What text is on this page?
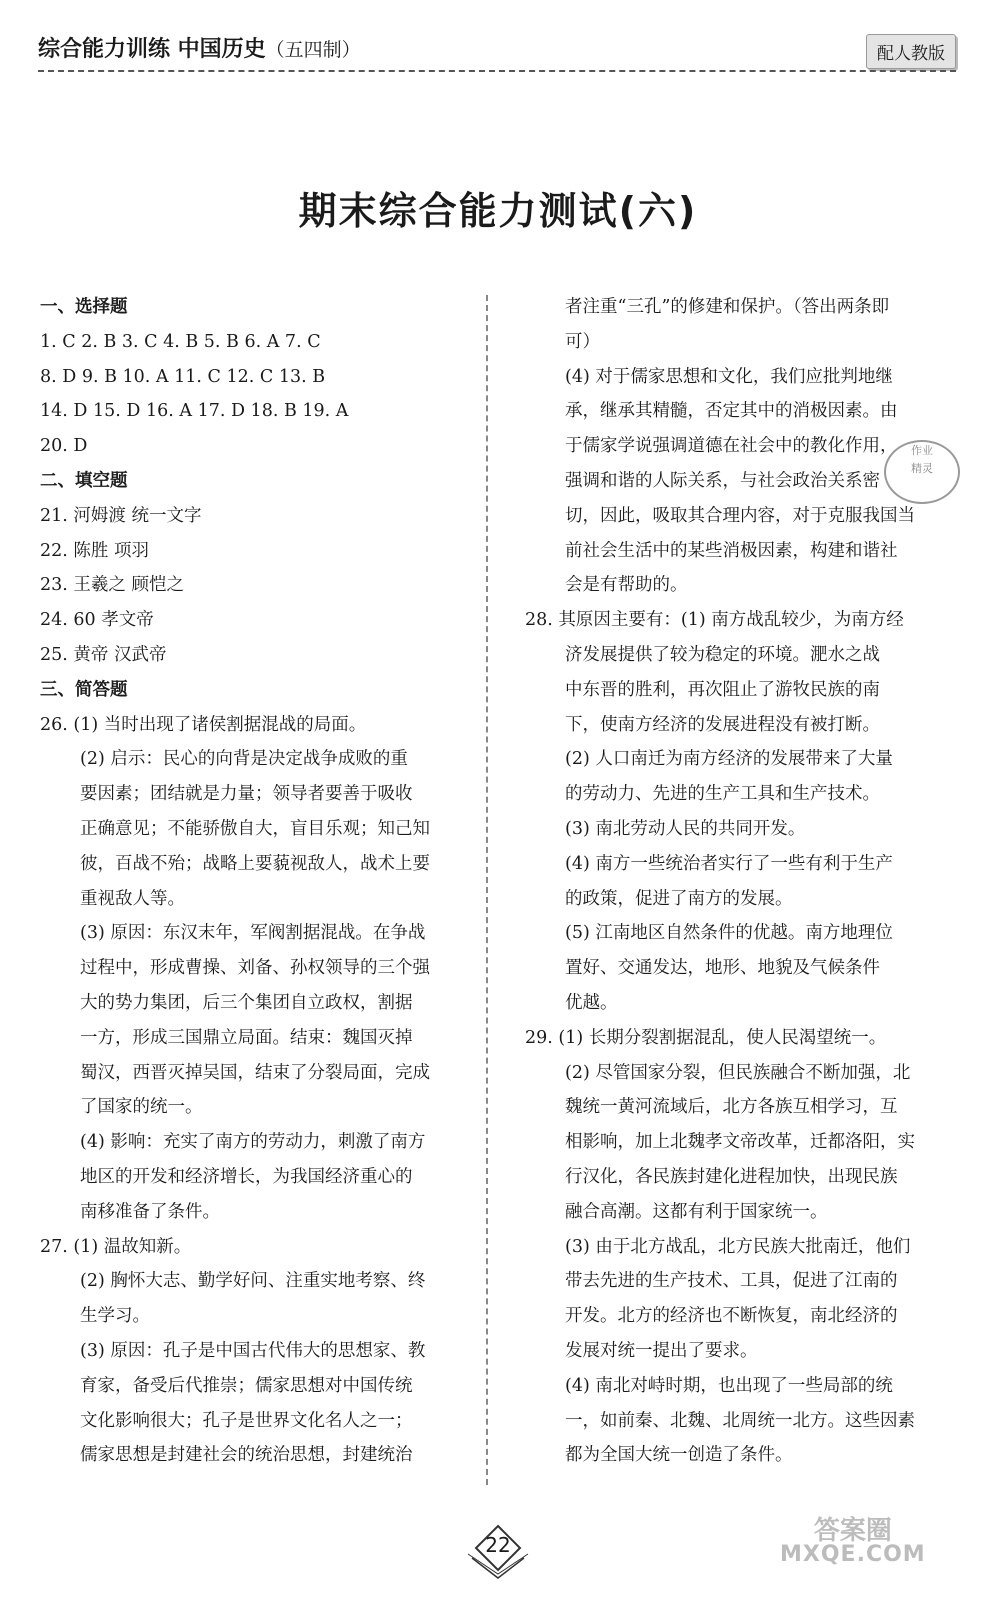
综合能力训练 中国历史（五四制）	配人教版
期末综合能力测试(六)
一、选择题
1. C 2. B 3. C 4. B 5. B 6. A 7. C
8. D 9. B 10. A 11. C 12. C 13. B
14. D 15. D 16. A 17. D 18. B 19. A
20. D
二、填空题
21. 河姆渡 统一文字
22. 陈胜 项羽
23. 王羲之 顾恺之
24. 60 孝文帝
25. 黄帝 汉武帝
三、简答题
26. (1) 当时出现了诸侯割据混战的局面。
(2) 启示：民心的向背是决定战争成败的重
要因素；团结就是力量；领导者要善于吸收
正确意见；不能骄傲自大，盲目乐观；知己知
彼，百战不殆；战略上要藐视敌人，战术上要
重视敌人等。
(3) 原因：东汉末年，军阀割据混战。在争战
过程中，形成曹操、刘备、孙权领导的三个强
大的势力集团，后三个集团自立政权，割据
一方，形成三国鼎立局面。结束：魏国灭掉
蜀汉，西晋灭掉吴国，结束了分裂局面，完成
了国家的统一。
(4) 影响：充实了南方的劳动力，刺激了南方
地区的开发和经济增长，为我国经济重心的
南移准备了条件。
27. (1) 温故知新。
(2) 胸怀大志、勤学好问、注重实地考察、终
生学习。
(3) 原因：孔子是中国古代伟大的思想家、教
育家，备受后代推崇；儒家思想对中国传统
文化影响很大；孔子是世界文化名人之一；
儒家思想是封建社会的统治思想，封建统治
者注重“三孔”的修建和保护。（答出两条即
可）
(4) 对于儒家思想和文化，我们应批判地继
承，继承其精髓，否定其中的消极因素。由
于儒家学说强调道德在社会中的教化作用，
强调和谐的人际关系，与社会政治关系密
切，因此，吸取其合理内容，对于克服我国当
前社会生活中的某些消极因素，构建和谐社
会是有帮助的。
28. 其原因主要有：(1) 南方战乱较少，为南方经
济发展提供了较为稳定的环境。淝水之战
中东晋的胜利，再次阻止了游牧民族的南
下，使南方经济的发展进程没有被打断。
(2) 人口南迁为南方经济的发展带来了大量
的劳动力、先进的生产工具和生产技术。
(3) 南北劳动人民的共同开发。
(4) 南方一些统治者实行了一些有利于生产
的政策，促进了南方的发展。
(5) 江南地区自然条件的优越。南方地理位
置好、交通发达，地形、地貌及气候条件
优越。
29. (1) 长期分裂割据混乱，使人民渴望统一。
(2) 尽管国家分裂，但民族融合不断加强，北
魏统一黄河流域后，北方各族互相学习，互
相影响，加上北魏孝文帝改革，迁都洛阳，实
行汉化，各民族封建化进程加快，出现民族
融合高潮。这都有利于国家统一。
(3) 由于北方战乱，北方民族大批南迁，他们
带去先进的生产技术、工具，促进了江南的
开发。北方的经济也不断恢复，南北经济的
发展对统一提出了要求。
(4) 南北对峙时期，也出现了一些局部的统
一，如前秦、北魏、北周统一北方。这些因素
都为全国大统一创造了条件。
作业
精灵
22	答案圈
MXQE.COM
